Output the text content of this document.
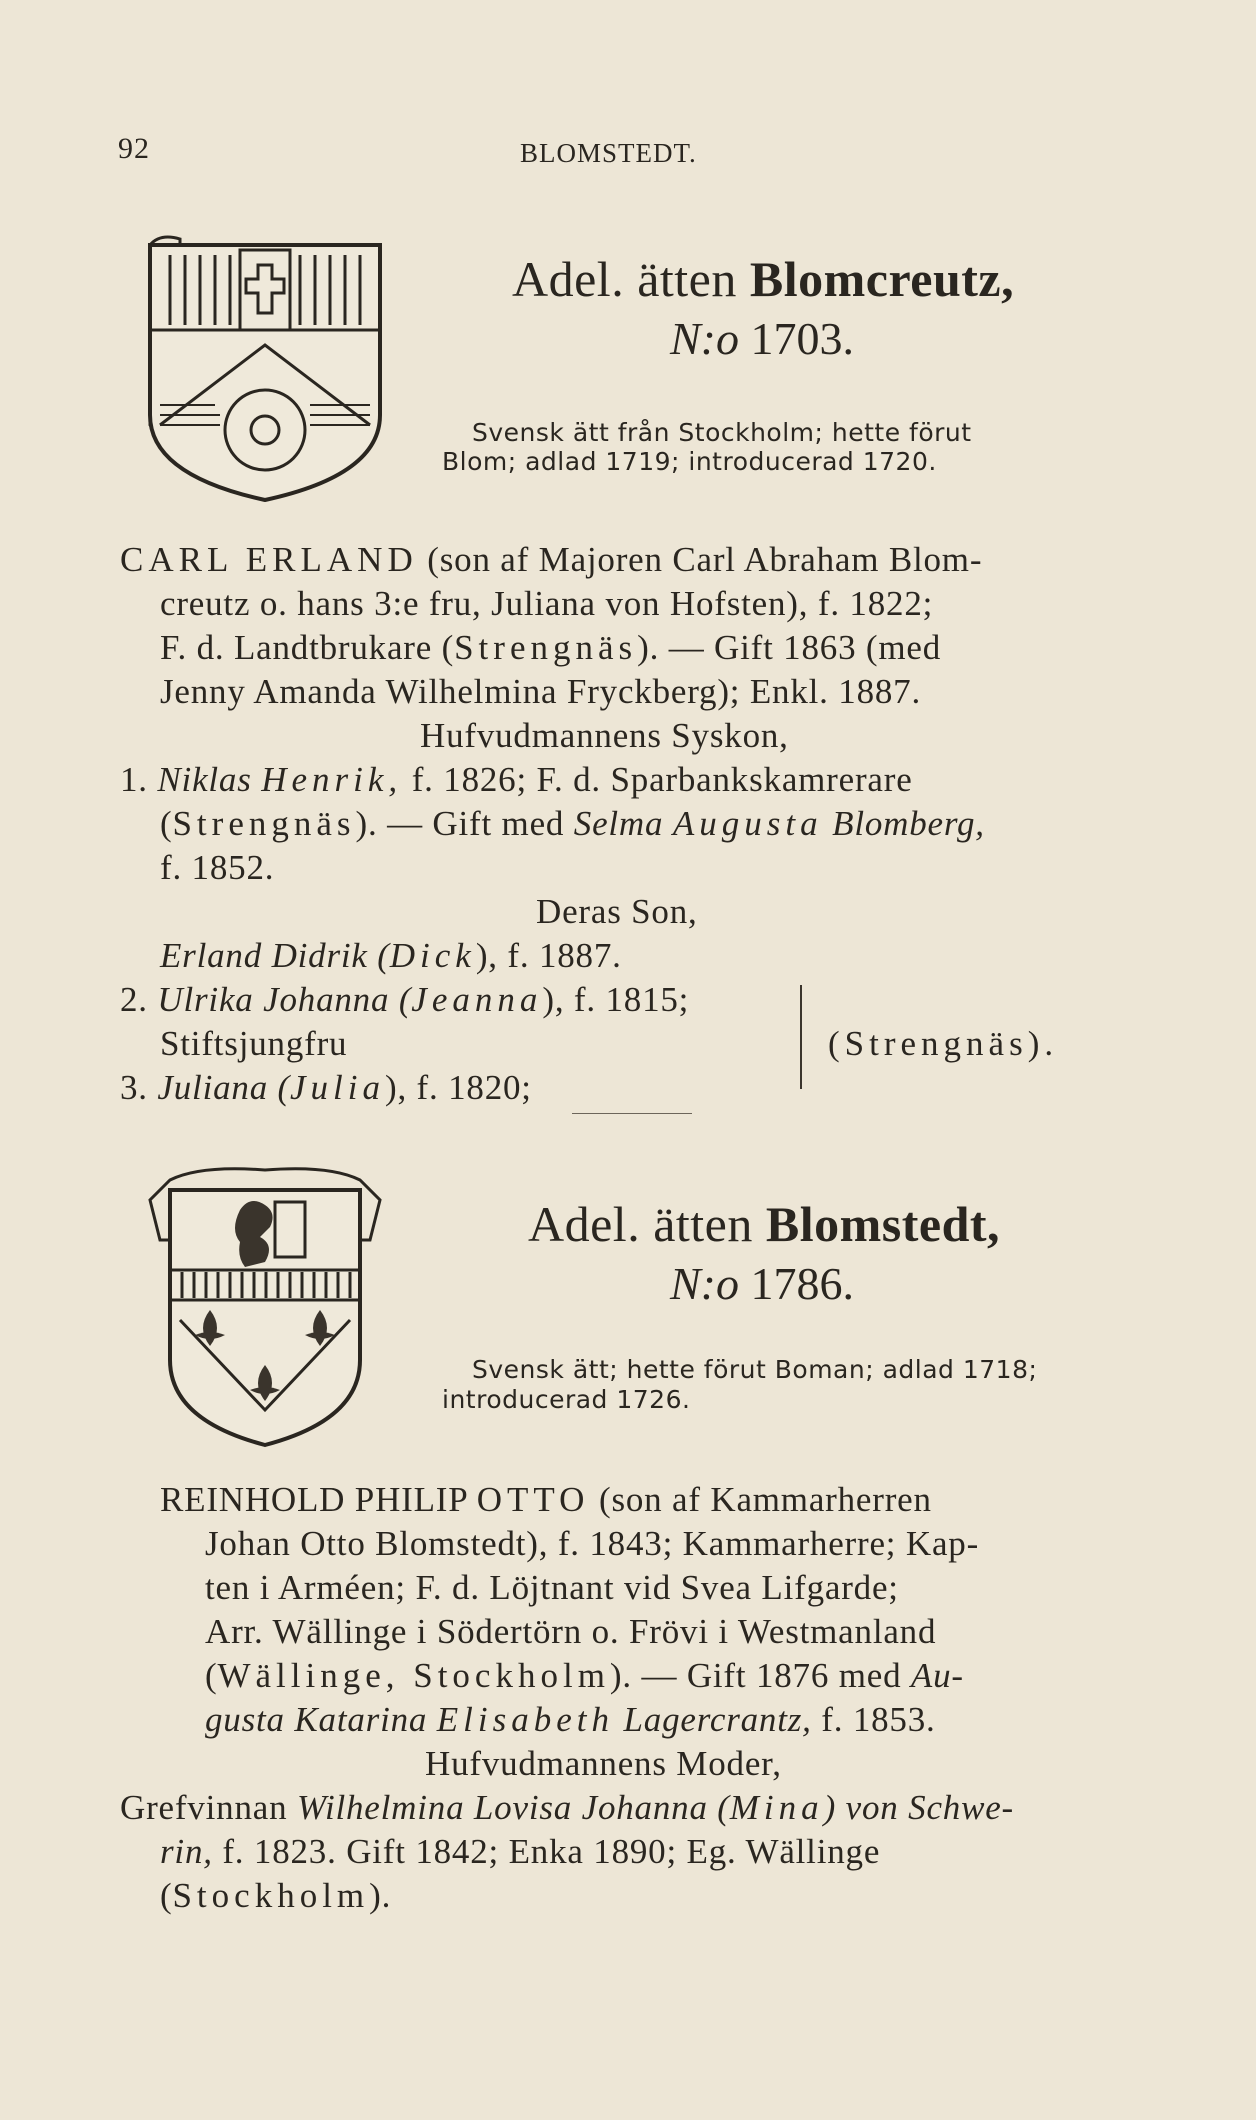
92	BLOMSTEDT.
Adel. ätten Blomcreutz,
N:o 1703.
Svensk ätt från Stockholm; hette förut
Blom; adlad 1719; introducerad 1720.
CARL ERLAND (son af Majoren Carl Abraham Blom-
creutz o. hans 3:e fru, Juliana von Hofsten), f. 1822;
F. d. Landtbrukare (Strengnäs). — Gift 1863 (med
Jenny Amanda Wilhelmina Fryckberg); Enkl. 1887.
Hufvudmannens Syskon,
1. Niklas Henrik, f. 1826; F. d. Sparbankskamrerare
(Strengnäs). — Gift med Selma Augusta Blomberg,
f. 1852.
Deras Son,
Erland Didrik (Dick), f. 1887.
2. Ulrika Johanna (Jeanna), f. 1815;
Stiftsjungfru
3. Juliana (Julia), f. 1820;
(Strengnäs).
Adel. ätten Blomstedt,
N:o 1786.
Svensk ätt; hette förut Boman; adlad 1718;
introducerad 1726.
REINHOLD PHILIP OTTO (son af Kammarherren
Johan Otto Blomstedt), f. 1843; Kammarherre; Kap-
ten i Arméen; F. d. Löjtnant vid Svea Lifgarde;
Arr. Wällinge i Södertörn o. Frövi i Westmanland
(Wällinge, Stockholm). — Gift 1876 med Au-
gusta Katarina Elisabeth Lagercrantz, f. 1853.
Hufvudmannens Moder,
Grefvinnan Wilhelmina Lovisa Johanna (Mina) von Schwe-
rin, f. 1823. Gift 1842; Enka 1890; Eg. Wällinge
(Stockholm).
